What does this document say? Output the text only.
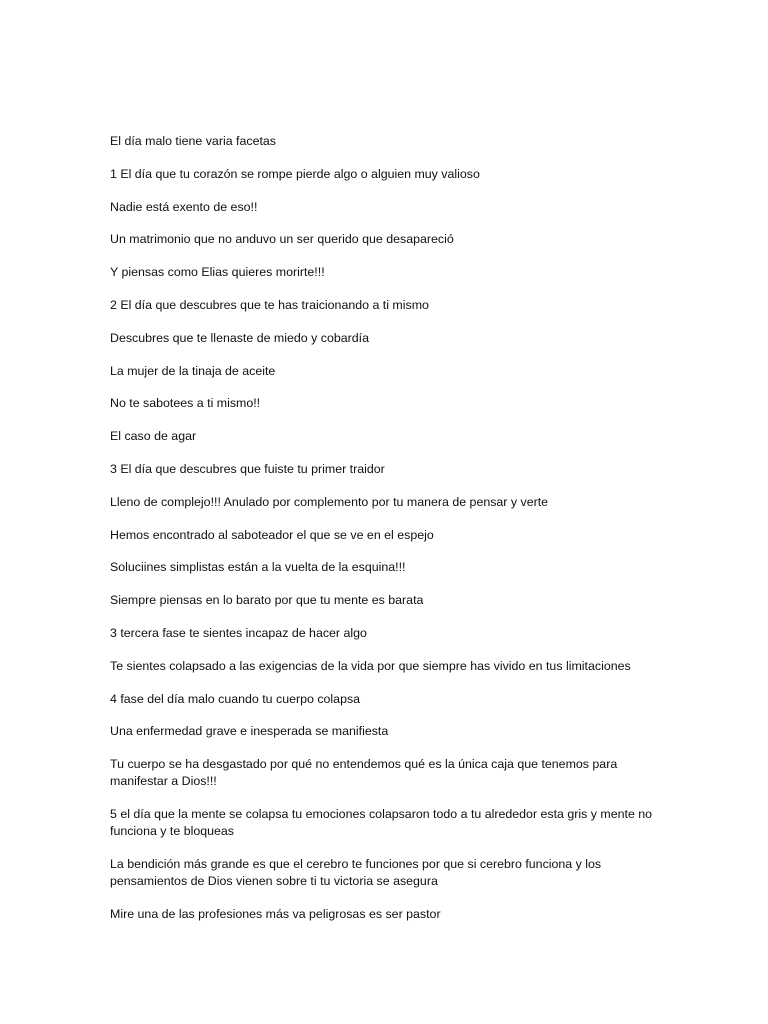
El día malo tiene varia facetas

1 El día que tu corazón se rompe pierde algo o alguien muy valioso

Nadie está exento de eso!!

Un matrimonio que no anduvo un ser querido que desapareció

Y piensas como Elias quieres morirte!!!

2 El día que descubres que te has traicionando a ti mismo

Descubres que te llenaste de miedo y cobardía

La mujer de la tinaja de aceite

No te sabotees a ti mismo!!

El caso de agar

3 El día que descubres que fuiste tu primer traidor

Lleno de complejo!!! Anulado por complemento por tu manera de pensar y verte

Hemos encontrado al saboteador el que se ve en el espejo

Soluciines simplistas están a la vuelta de la esquina!!!

Siempre piensas en lo barato por que tu mente es barata

3 tercera fase te sientes incapaz de hacer algo

Te sientes colapsado a las exigencias de la vida por que siempre has vivido en tus limitaciones

4 fase del día malo cuando tu cuerpo colapsa

Una enfermedad grave e inesperada se manifiesta

Tu cuerpo se ha desgastado por qué no entendemos qué es la única caja que tenemos para manifestar a Dios!!!

5 el día que la mente se colapsa tu emociones colapsaron todo a tu alrededor esta gris y mente no funciona y te bloqueas

La bendición más grande es que el cerebro te funciones por que si cerebro funciona y los pensamientos de Dios vienen sobre ti tu victoria se asegura

Mire una de las profesiones más va peligrosas es ser pastor
